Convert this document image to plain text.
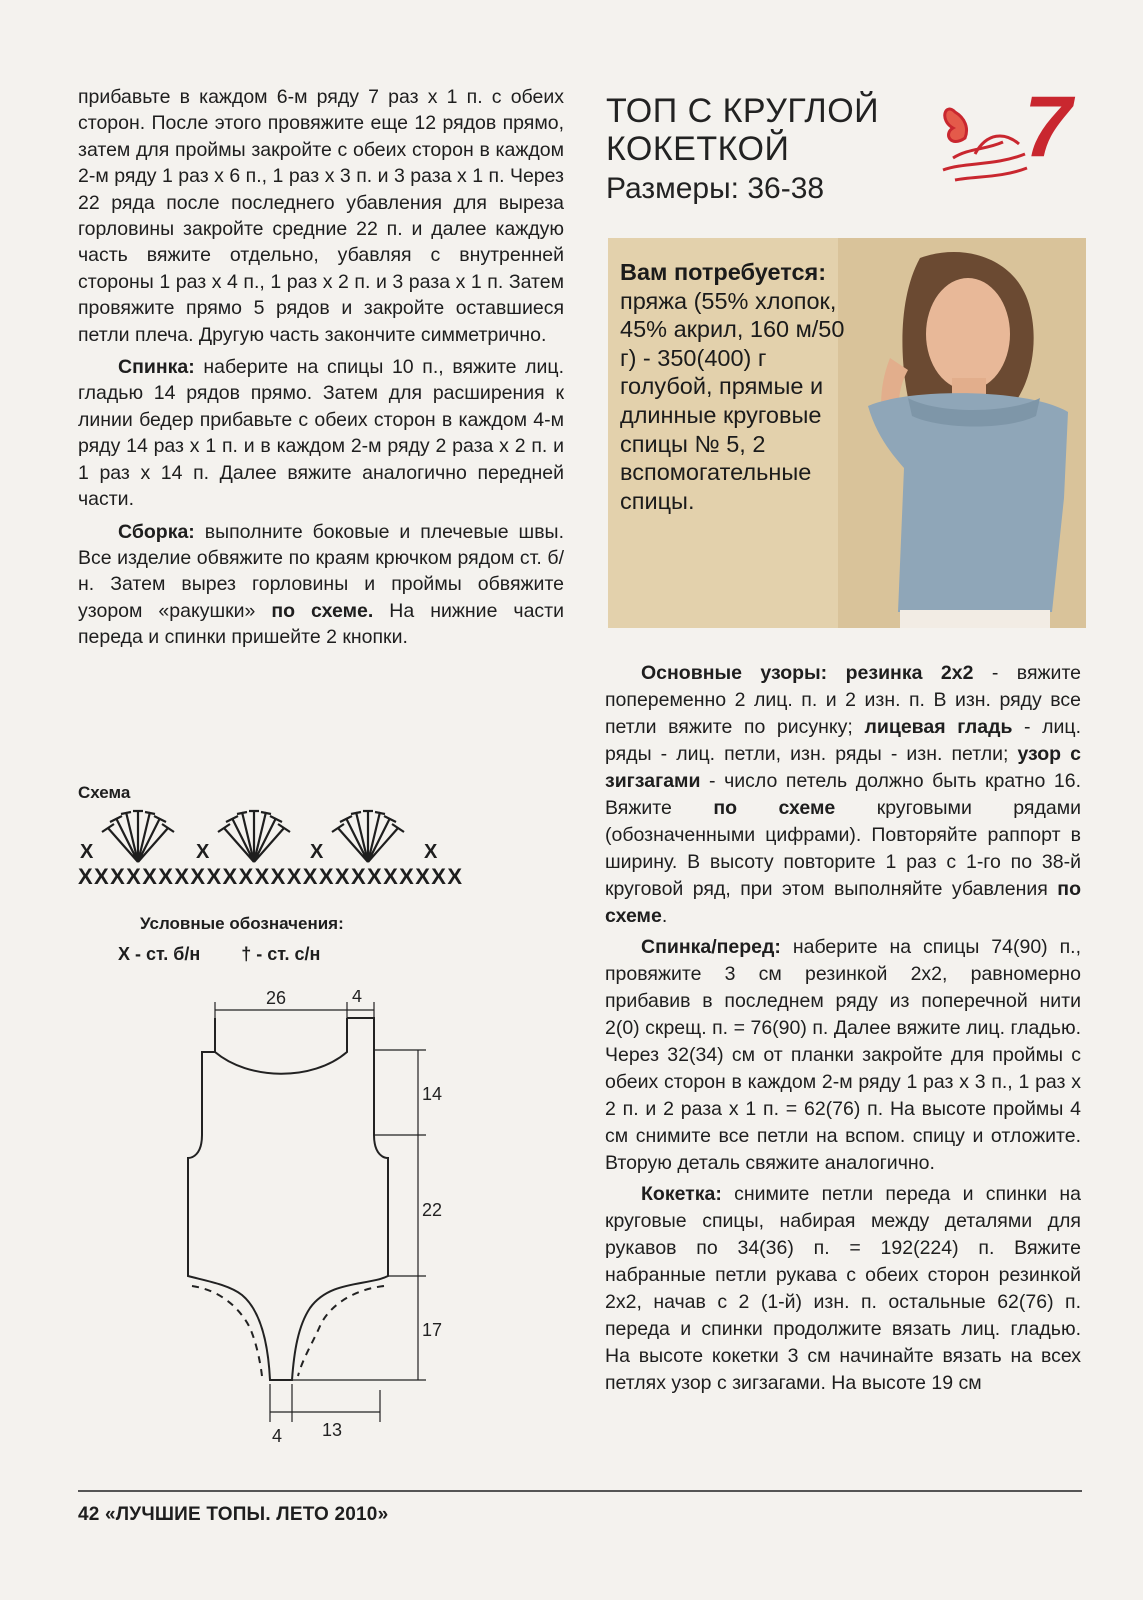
прибавьте в каждом 6-м ряду 7 раз х 1 п. с обеих сторон. После этого провяжите еще 12 рядов прямо, затем для проймы закройте с обеих сторон в каждом 2-м ряду 1 раз х 6 п., 1 раз х 3 п. и 3 раза х 1 п. Через 22 ряда после последнего убавления для выреза горловины закройте средние 22 п. и далее каждую часть вяжите отдельно, убавляя с внутренней стороны 1 раз х 4 п., 1 раз х 2 п. и 3 раза х 1 п. Затем провяжите прямо 5 рядов и закройте оставшиеся петли плеча. Другую часть закончите симметрично.

Спинка: наберите на спицы 10 п., вяжите лиц. гладью 14 рядов прямо. Затем для расширения к линии бедер прибавьте с обеих сторон в каждом 4-м ряду 14 раз х 1 п. и в каждом 2-м ряду 2 раза х 2 п. и 1 раз х 14 п. Далее вяжите аналогично передней части.

Сборка: выполните боковые и плечевые швы. Все изделие обвяжите по краям крючком рядом ст. б/н. Затем вырез горловины и проймы обвяжите узором «ракушки» по схеме. На нижние части переда и спинки пришейте 2 кнопки.

Схема
ХХХХХХХХХХХХХХХХХХХХХХХХ
Х	Х	Х	Х
Условные обозначения:
Х - ст. б/н † - ст. с/н
26	4
14
22
17
4 13
ТОП С КРУГЛОЙ КОКЕТКОЙ
Размеры: 36-38
7
Вам потребуется: пряжа (55% хлопок, 45% акрил, 160 м/50 г) - 350(400) г голубой, прямые и длинные круговые спицы № 5, 2 вспомогательные спицы.

Основные узоры: резинка 2х2 - вяжите попеременно 2 лиц. п. и 2 изн. п. В изн. ряду все петли вяжите по рисунку; лицевая гладь - лиц. ряды - лиц. петли, изн. ряды - изн. петли; узор с зигзагами - число петель должно быть кратно 16. Вяжите по схеме круговыми рядами (обозначенными цифрами). Повторяйте раппорт в ширину. В высоту повторите 1 раз с 1-го по 38-й круговой ряд, при этом выполняйте убавления по схеме.

Спинка/перед: наберите на спицы 74(90) п., провяжите 3 см резинкой 2х2, равномерно прибавив в последнем ряду из поперечной нити 2(0) скрещ. п. = 76(90) п. Далее вяжите лиц. гладью. Через 32(34) см от планки закройте для проймы с обеих сторон в каждом 2-м ряду 1 раз х 3 п., 1 раз х 2 п. и 2 раза х 1 п. = 62(76) п. На высоте проймы 4 см снимите все петли на вспом. спицу и отложите. Вторую деталь свяжите аналогично.

Кокетка: снимите петли переда и спинки на круговые спицы, набирая между деталями для рукавов по 34(36) п. = 192(224) п. Вяжите набранные петли рукава с обеих сторон резинкой 2х2, начав с 2 (1-й) изн. п. остальные 62(76) п. переда и спинки продолжите вязать лиц. гладью. На высоте кокетки 3 см начинайте вязать на всех петлях узор с зигзагами. На высоте 19 см

42 «ЛУЧШИЕ ТОПЫ. ЛЕТО 2010»
